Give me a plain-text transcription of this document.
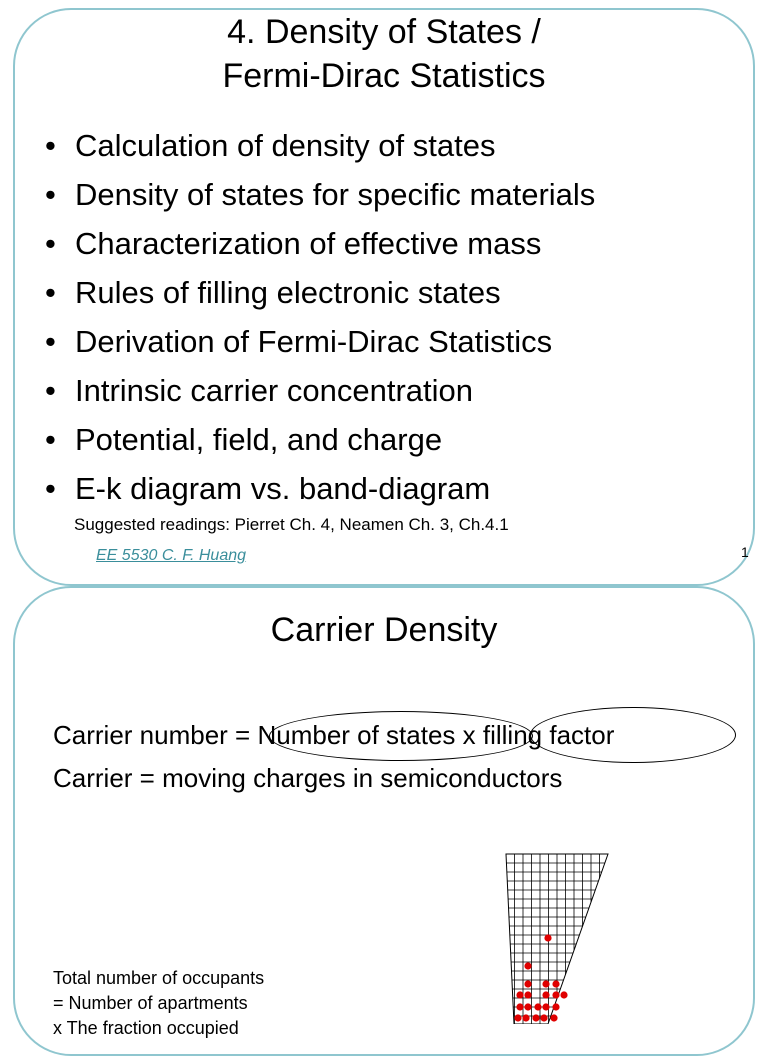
4. Density of States /
Fermi-Dirac Statistics
• Calculation of density of states
• Density of states for specific materials
• Characterization of effective mass
• Rules of filling electronic states
• Derivation of Fermi-Dirac Statistics
• Intrinsic carrier concentration
• Potential, field, and charge
• E-k diagram vs. band-diagram
Suggested readings: Pierret Ch. 4, Neamen Ch. 3, Ch.4.1
EE 5530 C. F. Huang	1
Carrier Density
Carrier number = Number of states x filling factor
Carrier = moving charges in semiconductors
Total number of occupants
= Number of apartments
x The fraction occupied
